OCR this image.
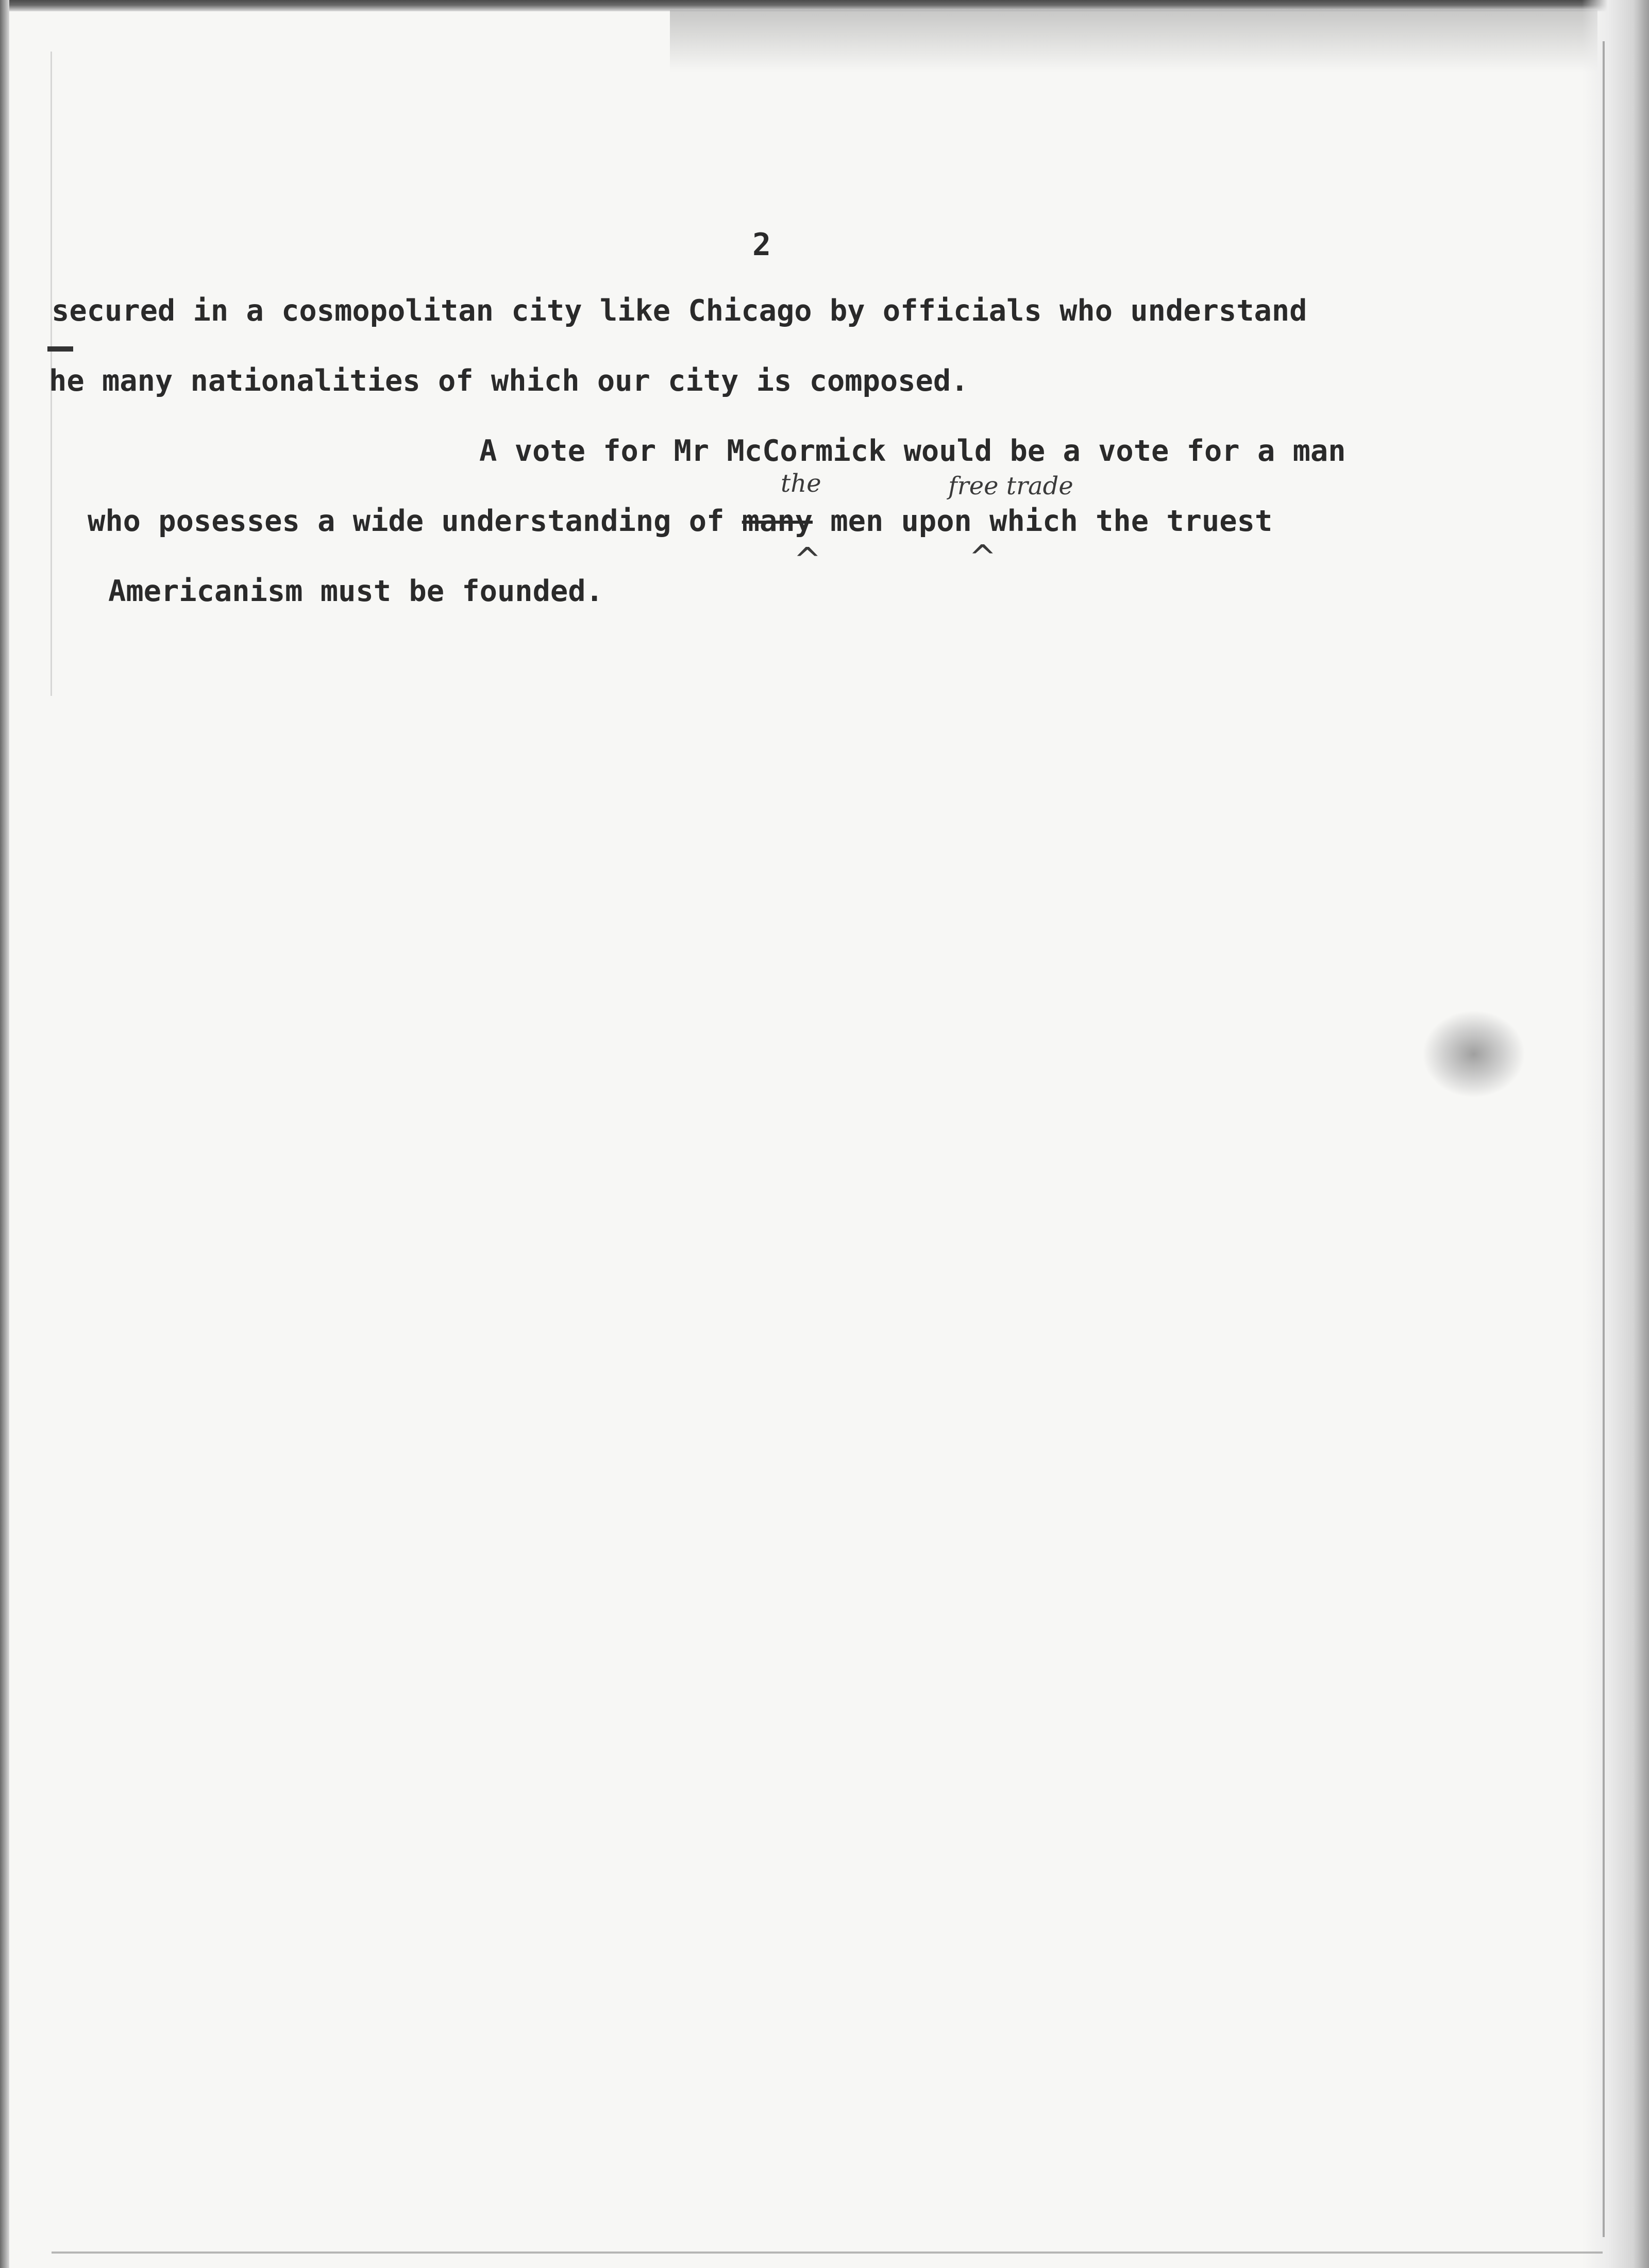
2
secured in a cosmopolitan city like Chicago by officials who understand
he many nationalities of which our city is composed.
A vote for Mr McCormick would be a vote for a man
who posesses a wide understanding of many men upon which the truest
Americanism must be founded.
the	free trade
^	^
